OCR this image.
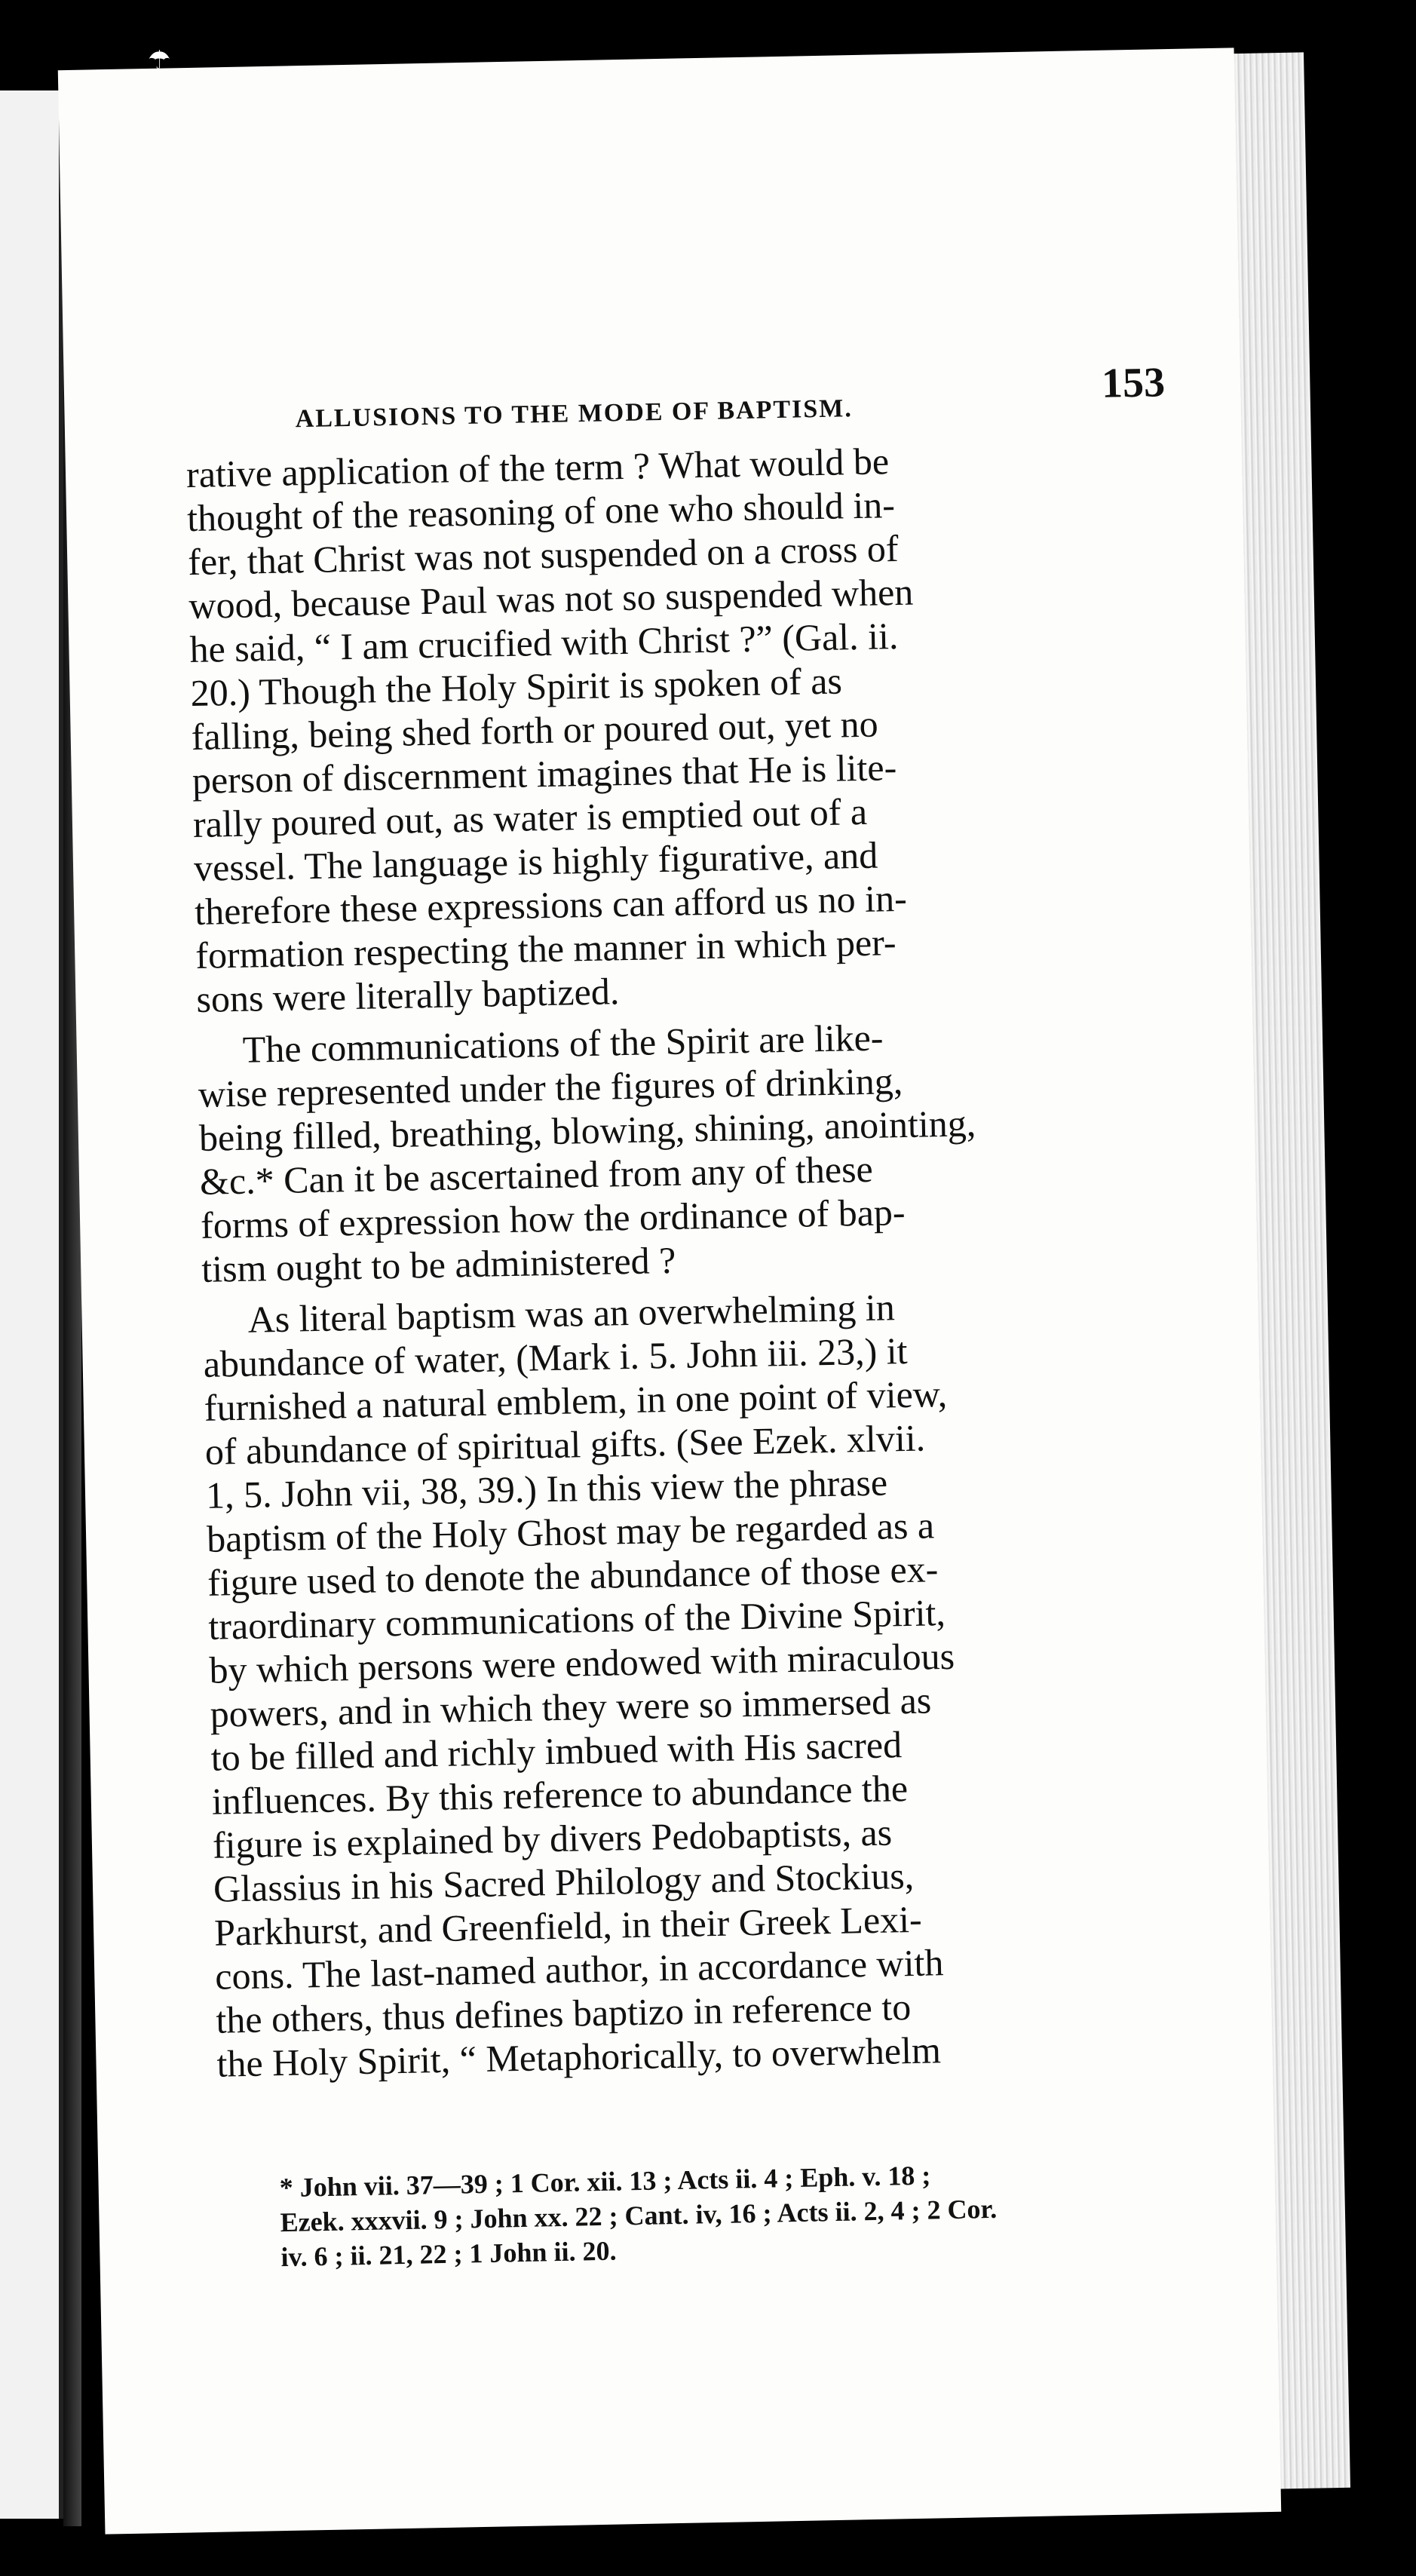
☂
ALLUSIONS TO THE MODE OF BAPTISM.
153
rative application of the term ? What would be
thought of the reasoning of one who should in-
fer, that Christ was not suspended on a cross of
wood, because Paul was not so suspended when
he said, “ I am crucified with Christ ?” (Gal. ii.
20.) Though the Holy Spirit is spoken of as
falling, being shed forth or poured out, yet no
person of discernment imagines that He is lite-
rally poured out, as water is emptied out of a
vessel. The language is highly figurative, and
therefore these expressions can afford us no in-
formation respecting the manner in which per-
sons were literally baptized.
The communications of the Spirit are like-
wise represented under the figures of drinking,
being filled, breathing, blowing, shining, anointing,
&c.* Can it be ascertained from any of these
forms of expression how the ordinance of bap-
tism ought to be administered ?
As literal baptism was an overwhelming in
abundance of water, (Mark i. 5. John iii. 23,) it
furnished a natural emblem, in one point of view,
of abundance of spiritual gifts. (See Ezek. xlvii.
1, 5. John vii, 38, 39.) In this view the phrase
baptism of the Holy Ghost may be regarded as a
figure used to denote the abundance of those ex-
traordinary communications of the Divine Spirit,
by which persons were endowed with miraculous
powers, and in which they were so immersed as
to be filled and richly imbued with His sacred
influences. By this reference to abundance the
figure is explained by divers Pedobaptists, as
Glassius in his Sacred Philology and Stockius,
Parkhurst, and Greenfield, in their Greek Lexi-
cons. The last-named author, in accordance with
the others, thus defines baptizo in reference to
the Holy Spirit, “ Metaphorically, to overwhelm
* John vii. 37—39 ; 1 Cor. xii. 13 ; Acts ii. 4 ; Eph. v. 18 ;
Ezek. xxxvii. 9 ; John xx. 22 ; Cant. iv, 16 ; Acts ii. 2, 4 ; 2 Cor.
iv. 6 ; ii. 21, 22 ; 1 John ii. 20.
